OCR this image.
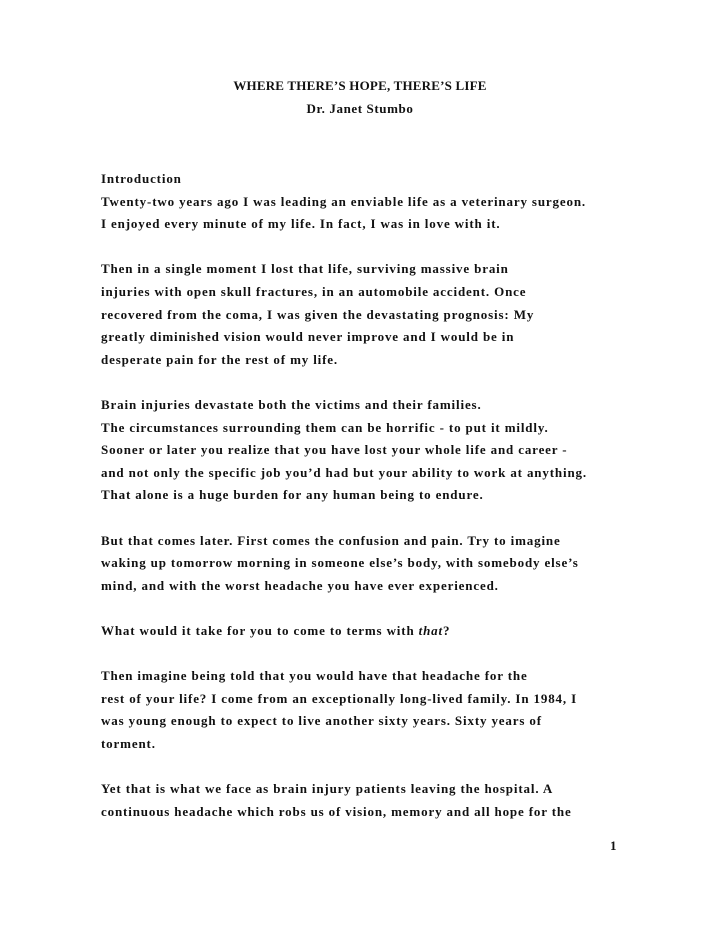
WHERE THERE’S HOPE, THERE’S LIFE
Dr. Janet Stumbo
Introduction
Twenty-two years ago I was leading an enviable life as a veterinary surgeon.
I enjoyed every minute of my life. In fact, I was in love with it.
Then in a single moment I lost that life, surviving massive brain
injuries with open skull fractures, in an automobile accident. Once
recovered from the coma, I was given the devastating prognosis: My
greatly diminished vision would never improve and I would be in
desperate pain for the rest of my life.
Brain injuries devastate both the victims and their families.
The circumstances surrounding them can be horrific - to put it mildly.
Sooner or later you realize that you have lost your whole life and career -
and not only the specific job you’d had but your ability to work at anything.
That alone is a huge burden for any human being to endure.
But that comes later. First comes the confusion and pain. Try to imagine
waking up tomorrow morning in someone else’s body, with somebody else’s
mind, and with the worst headache you have ever experienced.
What would it take for you to come to terms with that?
Then imagine being told that you would have that headache for the
rest of your life? I come from an exceptionally long-lived family. In 1984, I
was young enough to expect to live another sixty years. Sixty years of
torment.
Yet that is what we face as brain injury patients leaving the hospital. A
continuous headache which robs us of vision, memory and all hope for the
1
